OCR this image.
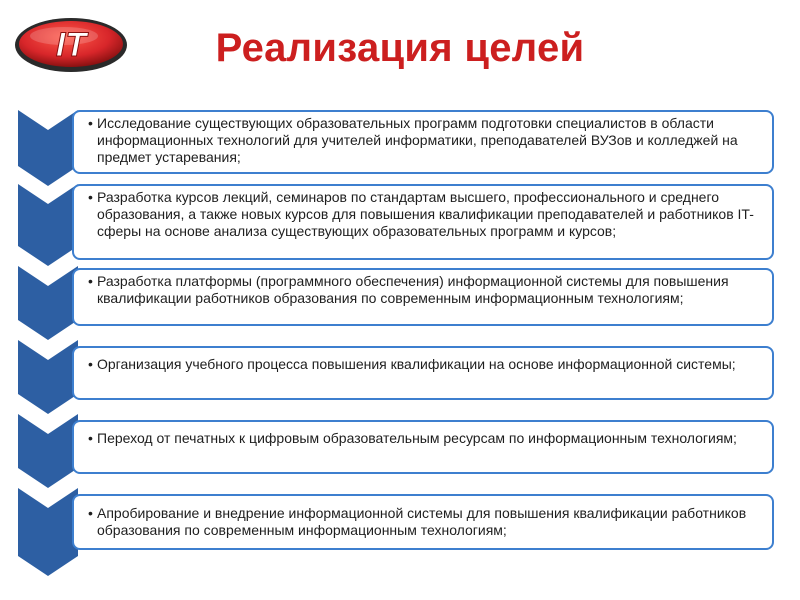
IT	Реализация целей
• Исследование существующих образовательных программ подготовки специалистов в области информационных технологий для учителей информатики, преподавателей ВУЗов и колледжей на предмет устаревания;
• Разработка курсов лекций, семинаров по стандартам высшего, профессионального и среднего образования, а также новых курсов для повышения квалификации преподавателей и работников IT-сферы на основе анализа существующих образовательных программ и курсов;
• Разработка платформы (программного обеспечения) информационной системы для повышения квалификации работников образования по современным информационным технологиям;
• Организация учебного процесса повышения квалификации на основе информационной системы;
• Переход от печатных к цифровым образовательным ресурсам по информационным технологиям;
• Апробирование и внедрение информационной системы для повышения квалификации работников образования по современным информационным технологиям;
